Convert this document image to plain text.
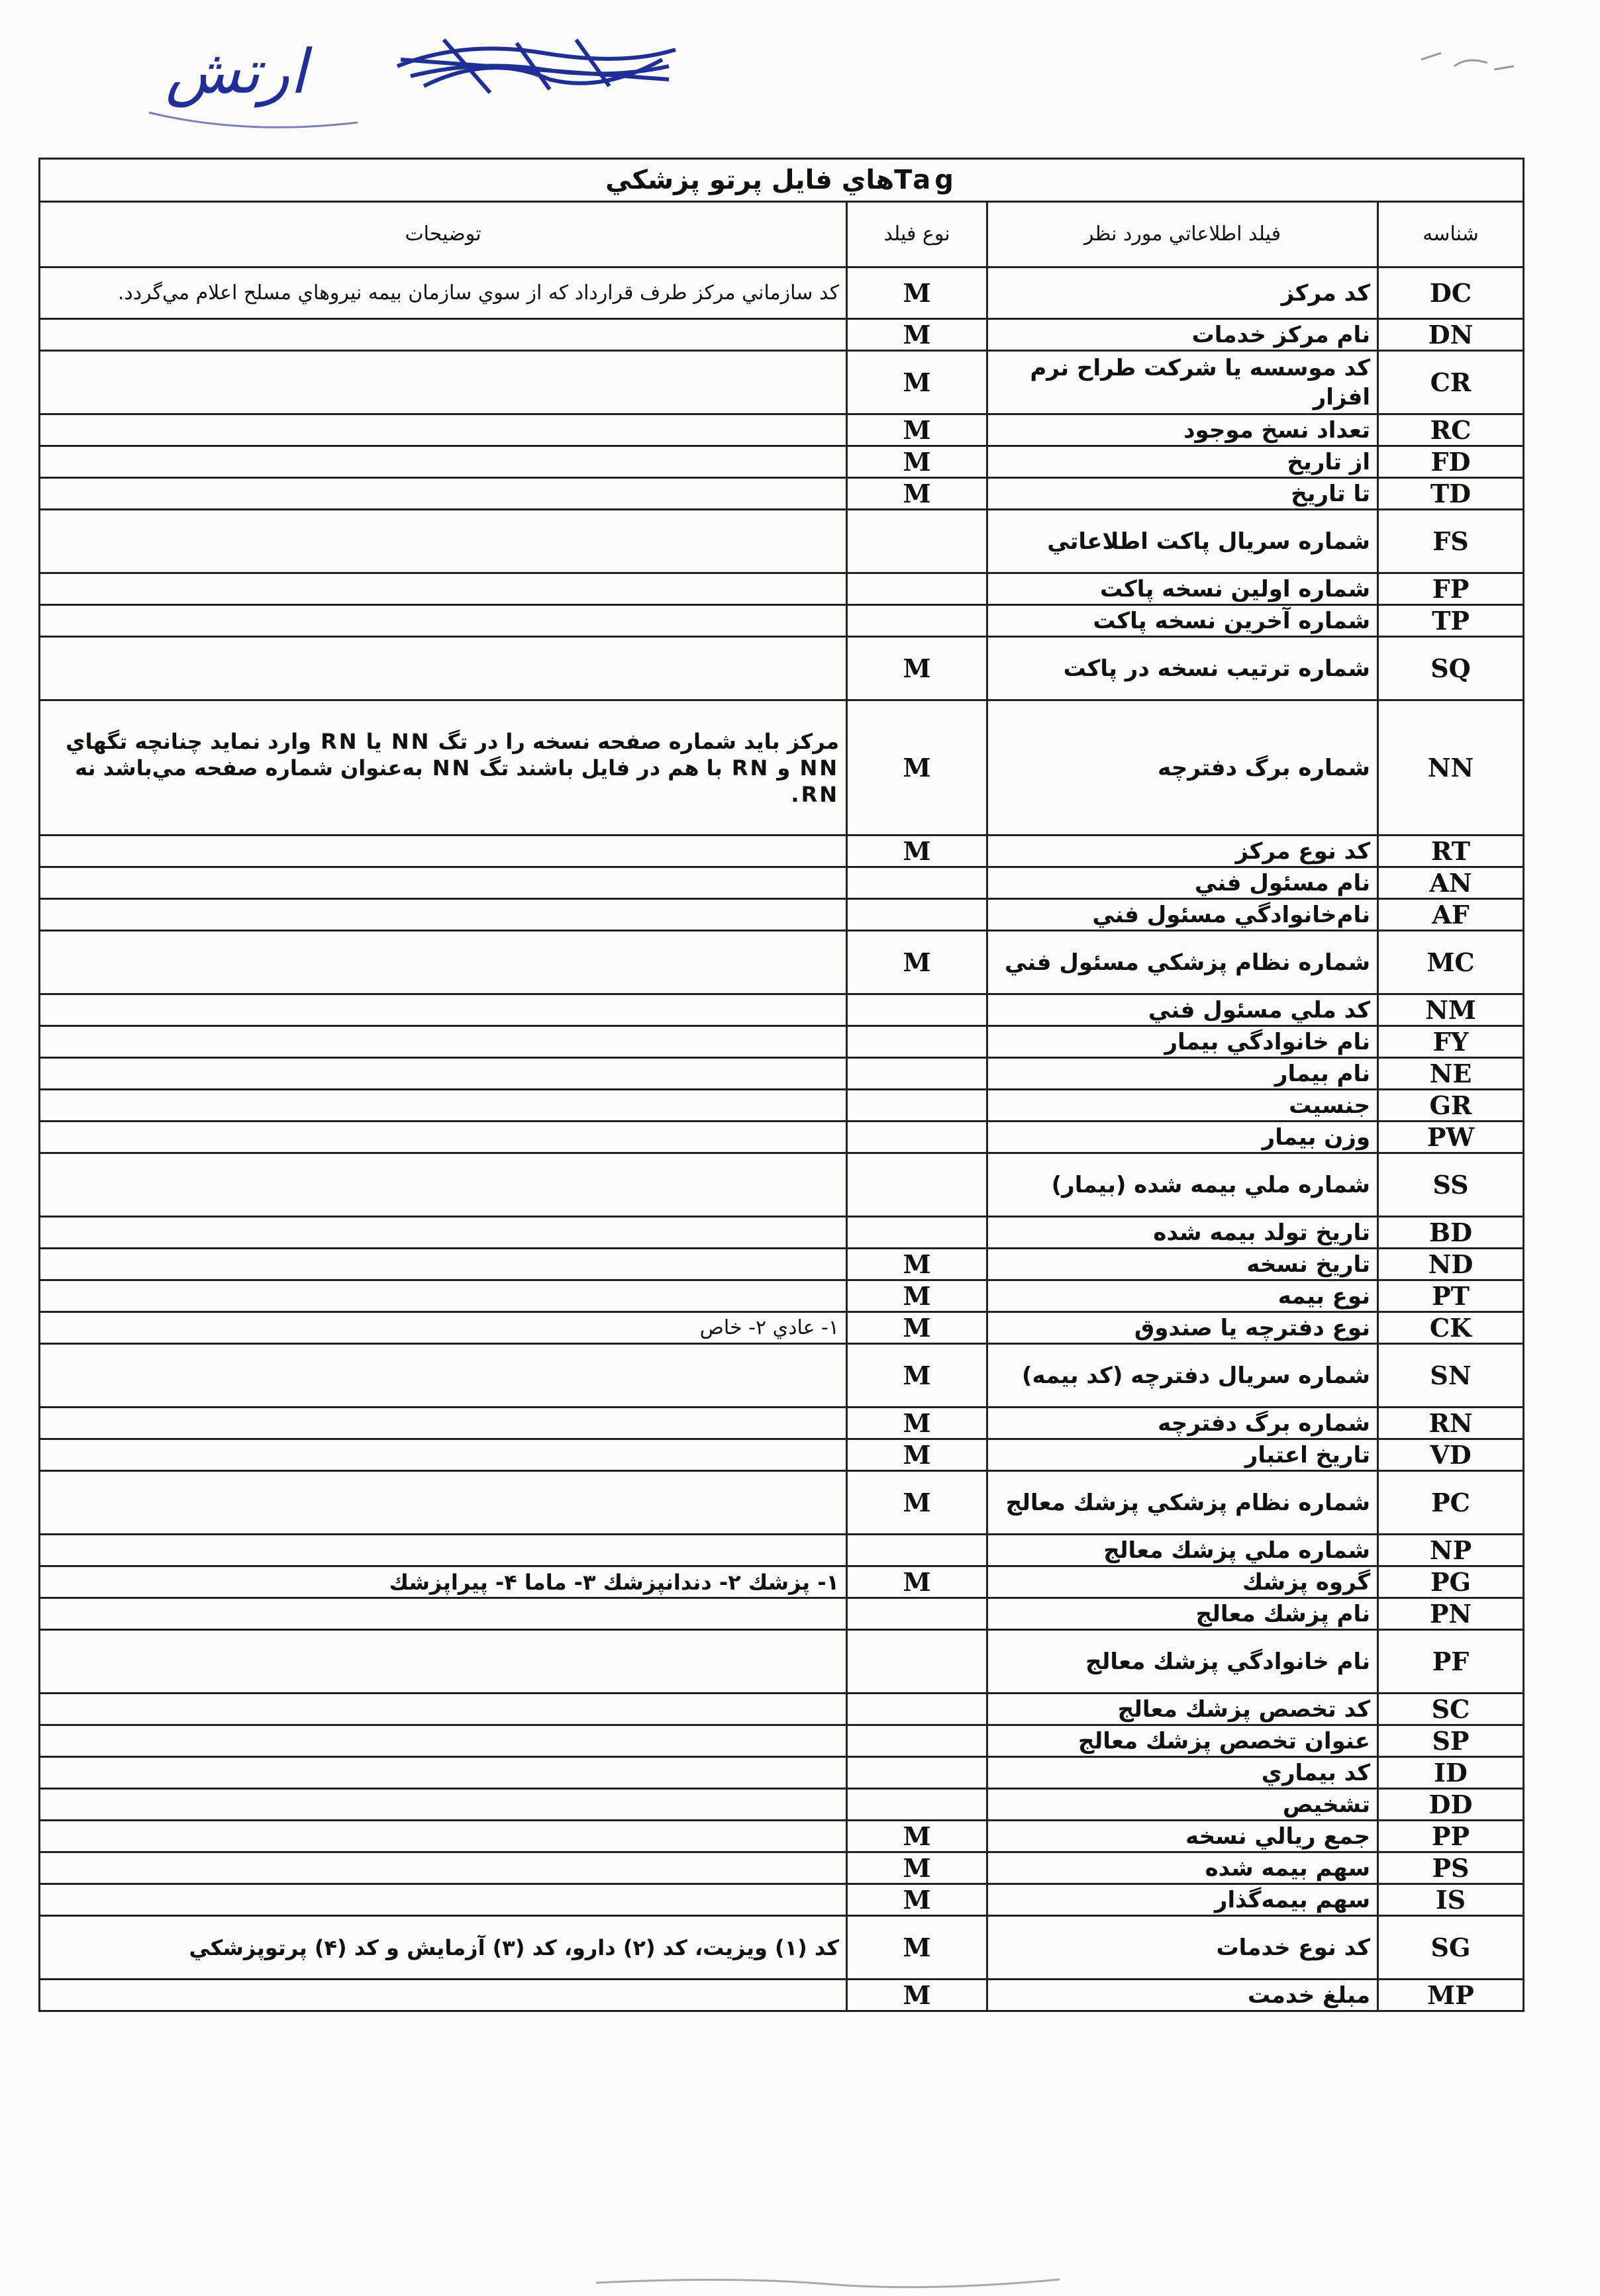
ارتش
Tagهاي فايل پرتو پزشكي			
شناسه	فيلد اطلاعاتي مورد نظر	نوع فيلد	توضيحات
DC	كد مركز	M	كد سازماني مركز طرف قرارداد كه از سوي سازمان بيمه نيروهاي مسلح اعلام مي‌گردد.
DN	نام مركز خدمات	M	
CR	كد موسسه يا شركت طراح نرم افزار	M	
RC	تعداد نسخ موجود	M	
FD	از تاريخ	M	
TD	تا تاريخ	M	
FS	شماره سريال پاكت اطلاعاتي		
FP	شماره اولين نسخه پاكت		
TP	شماره آخرين نسخه پاكت		
SQ	شماره ترتيب نسخه در پاكت	M	
NN	شماره برگ دفترچه	M	مركز بايد شماره صفحه نسخه را در تگ NN يا RN وارد نمايد چنانچه تگهاي NN و RN با هم در فايل باشند تگ NN به‌عنوان شماره صفحه مي‌باشد نه RN.
RT	كد نوع مركز	M	
AN	نام مسئول فني		
AF	نام‌خانوادگي مسئول فني		
MC	شماره نظام پزشكي مسئول فني	M	
NM	كد ملي مسئول فني		
FY	نام خانوادگي بيمار		
NE	نام بيمار		
GR	جنسيت		
PW	وزن بيمار		
SS	شماره ملي بيمه شده (بيمار)		
BD	تاريخ تولد بيمه شده		
ND	تاريخ نسخه	M	
PT	نوع بيمه	M	
CK	نوع دفترچه يا صندوق	M	۱- عادي ۲- خاص
SN	شماره سريال دفترچه (كد بيمه)	M	
RN	شماره برگ دفترچه	M	
VD	تاريخ اعتبار	M	
PC	شماره نظام پزشكي پزشك معالج	M	
NP	شماره ملي پزشك معالج		
PG	گروه پزشك	M	۱- پزشك ۲- دندانپزشك ۳- ماما ۴- پيراپزشك
PN	نام پزشك معالج		
PF	نام خانوادگي پزشك معالج		
SC	كد تخصص پزشك معالج		
SP	عنوان تخصص پزشك معالج		
ID	كد بيماري		
DD	تشخيص		
PP	جمع ريالي نسخه	M	
PS	سهم بيمه شده	M	
IS	سهم بيمه‌گذار	M	
SG	كد نوع خدمات	M	كد (۱) ويزيت، كد (۲) دارو، كد (۳) آزمايش و كد (۴) پرتوپزشكي
MP	مبلغ خدمت	M	
